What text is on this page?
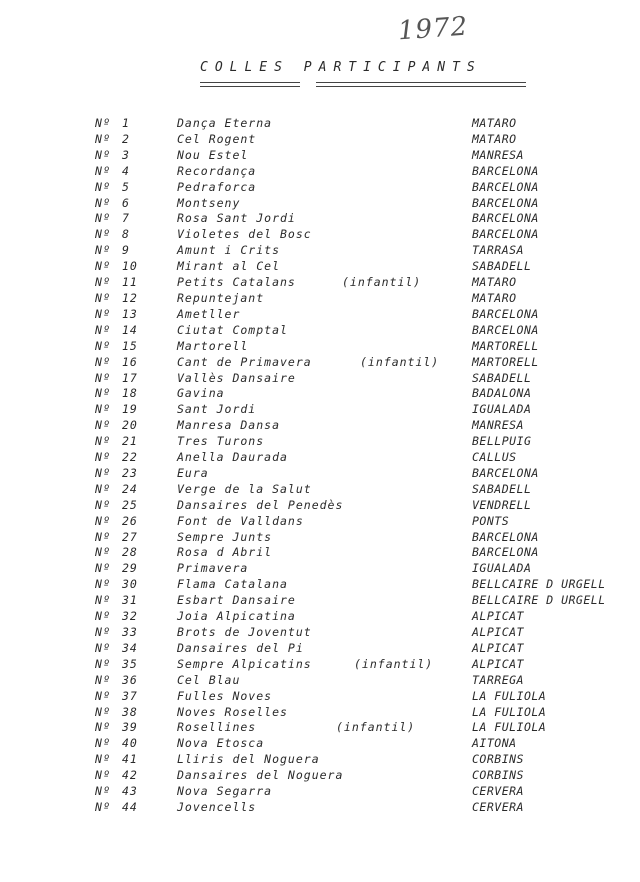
1972
COLLES PARTICIPANTS
Nº 1	Dança Eterna	MATARO
Nº 2	Cel Rogent	MATARO
Nº 3	Nou Estel	MANRESA
Nº 4	Recordança	BARCELONA
Nº 5	Pedraforca	BARCELONA
Nº 6	Montseny	BARCELONA
Nº 7	Rosa Sant Jordi	BARCELONA
Nº 8	Violetes del Bosc	BARCELONA
Nº 9	Amunt i Crits	TARRASA
Nº 10	Mirant al Cel	SABADELL
Nº 11	Petits Catalans	(infantil)	MATARO
Nº 12	Repuntejant	MATARO
Nº 13	Ametller	BARCELONA
Nº 14	Ciutat Comptal	BARCELONA
Nº 15	Martorell	MARTORELL
Nº 16	Cant de Primavera	(infantil)	MARTORELL
Nº 17	Vallès Dansaire	SABADELL
Nº 18	Gavina	BADALONA
Nº 19	Sant Jordi	IGUALADA
Nº 20	Manresa Dansa	MANRESA
Nº 21	Tres Turons	BELLPUIG
Nº 22	Anella Daurada	CALLUS
Nº 23	Eura	BARCELONA
Nº 24	Verge de la Salut	SABADELL
Nº 25	Dansaires del Penedès	VENDRELL
Nº 26	Font de Valldans	PONTS
Nº 27	Sempre Junts	BARCELONA
Nº 28	Rosa d Abril	BARCELONA
Nº 29	Primavera	IGUALADA
Nº 30	Flama Catalana	BELLCAIRE D URGELL
Nº 31	Esbart Dansaire	BELLCAIRE D URGELL
Nº 32	Joia Alpicatina	ALPICAT
Nº 33	Brots de Joventut	ALPICAT
Nº 34	Dansaires del Pi	ALPICAT
Nº 35	Sempre Alpicatins	(infantil)	ALPICAT
Nº 36	Cel Blau	TARREGA
Nº 37	Fulles Noves	LA FULIOLA
Nº 38	Noves Roselles	LA FULIOLA
Nº 39	Rosellines	(infantil)	LA FULIOLA
Nº 40	Nova Etosca	AITONA
Nº 41	Lliris del Noguera	CORBINS
Nº 42	Dansaires del Noguera	CORBINS
Nº 43	Nova Segarra	CERVERA
Nº 44	Jovencells	CERVERA
